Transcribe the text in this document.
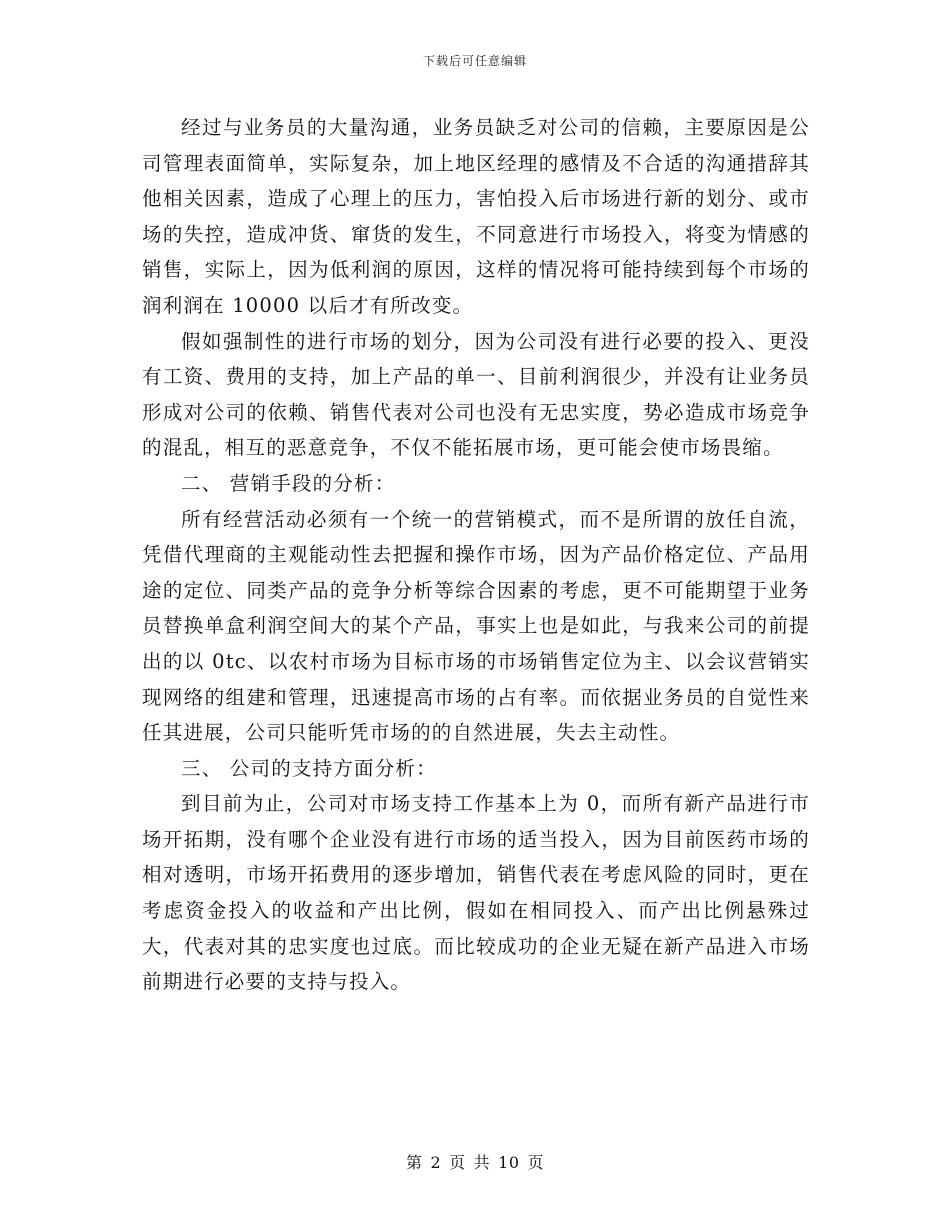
下载后可任意编辑

经过与业务员的大量沟通，业务员缺乏对公司的信赖，主要原因是公司管理表面简单，实际复杂，加上地区经理的感情及不合适的沟通措辞其他相关因素，造成了心理上的压力，害怕投入后市场进行新的划分、或市场的失控，造成冲货、窜货的发生，不同意进行市场投入，将变为情感的销售，实际上，因为低利润的原因，这样的情况将可能持续到每个市场的润利润在 10000 以后才有所改变。

假如强制性的进行市场的划分，因为公司没有进行必要的投入、更没有工资、费用的支持，加上产品的单一、目前利润很少，并没有让业务员形成对公司的依赖、销售代表对公司也没有无忠实度，势必造成市场竞争的混乱，相互的恶意竞争，不仅不能拓展市场，更可能会使市场畏缩。

二、 营销手段的分析：

所有经营活动必须有一个统一的营销模式，而不是所谓的放任自流，凭借代理商的主观能动性去把握和操作市场，因为产品价格定位、产品用途的定位、同类产品的竞争分析等综合因素的考虑，更不可能期望于业务员替换单盒利润空间大的某个产品，事实上也是如此，与我来公司的前提出的以 0tc、以农村市场为目标市场的市场销售定位为主、以会议营销实现网络的组建和管理，迅速提高市场的占有率。而依据业务员的自觉性来任其进展，公司只能听凭市场的的自然进展，失去主动性。

三、 公司的支持方面分析：

到目前为止，公司对市场支持工作基本上为 0，而所有新产品进行市场开拓期，没有哪个企业没有进行市场的适当投入，因为目前医药市场的相对透明，市场开拓费用的逐步增加，销售代表在考虑风险的同时，更在考虑资金投入的收益和产出比例，假如在相同投入、而产出比例悬殊过大，代表对其的忠实度也过底。而比较成功的企业无疑在新产品进入市场前期进行必要的支持与投入。

第 2 页 共 10 页
